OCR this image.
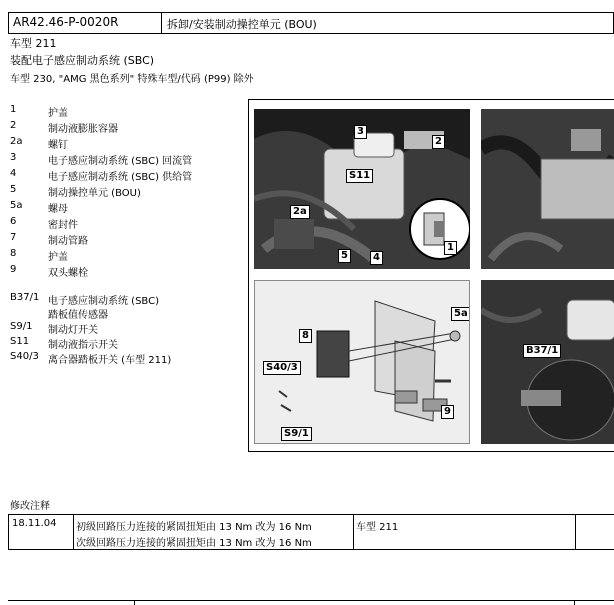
AR42.46-P-0020R	拆卸/安装制动操控单元 (BOU)
车型 211
装配电子感应制动系统 (SBC)
车型 230, "AMG 黑色系列" 特殊车型/代码 (P99) 除外
1	护盖
2	制动液膨胀容器
2a	螺钉
3	电子感应制动系统 (SBC) 回流管
4	电子感应制动系统 (SBC) 供给管
5	制动操控单元 (BOU)
5a	螺母
6	密封件
7	制动管路
8	护盖
9	双头螺栓
B37/1 电子感应制动系统 (SBC)
踏板值传感器
S9/1 制动灯开关
S11 制动液指示开关
S40/3 离合器踏板开关 (车型 211)
3
2
S11
2a
5	4
1
8
5a
S40/3
9
S9/1
B37/1
修改注释
18.11.04 初级回路压力连接的紧固扭矩由 13 Nm 改为 16 Nm
次级回路压力连接的紧固扭矩由 13 Nm 改为 16 Nm
车型 211
